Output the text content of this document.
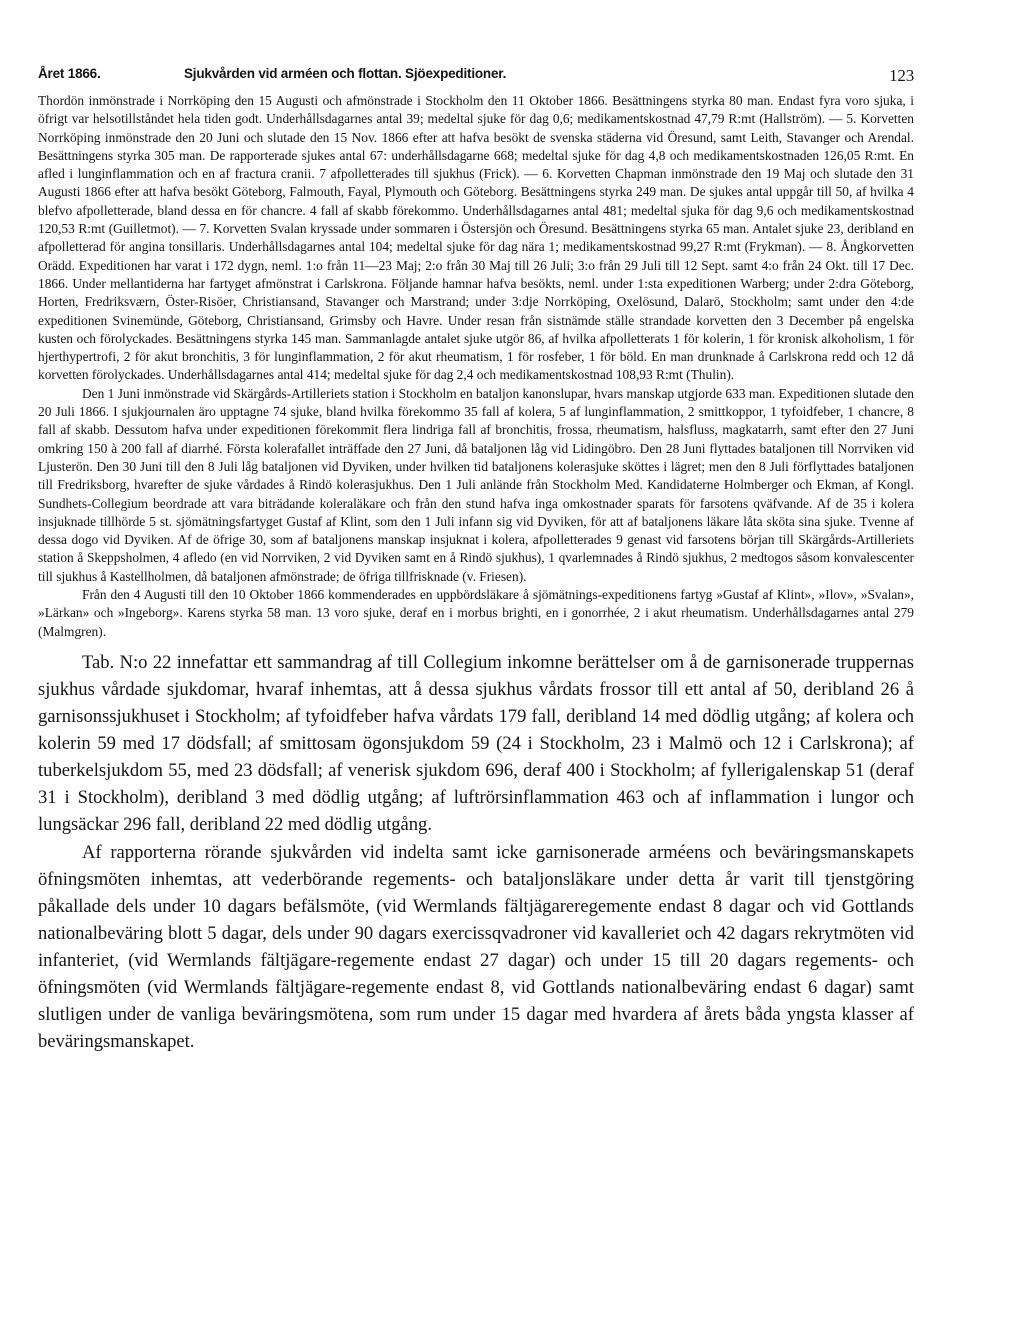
Året 1866.	Sjukvården vid arméen och flottan. Sjöexpeditioner.	123

Thordön inmönstrade i Norrköping den 15 Augusti och afmönstrade i Stockholm den 11 Oktober 1866. Besättningens styrka 80 man. Endast fyra voro sjuka, i öfrigt var helsotillståndet hela tiden godt. Underhållsdagarnes antal 39; medeltal sjuke för dag 0,6; medikamentskostnad 47,79 R:mt (Hallström). — 5. Korvetten Norrköping inmönstrade den 20 Juni och slutade den 15 Nov. 1866 efter att hafva besökt de svenska städerna vid Öresund, samt Leith, Stavanger och Arendal. Besättningens styrka 305 man. De rapporterade sjukes antal 67: underhållsdagarne 668; medeltal sjuke för dag 4,8 och medikamentskostnaden 126,05 R:mt. En afled i lunginflammation och en af fractura cranii. 7 afpolletterades till sjukhus (Frick). — 6. Korvetten Chapman inmönstrade den 19 Maj och slutade den 31 Augusti 1866 efter att hafva besökt Göteborg, Falmouth, Fayal, Plymouth och Göteborg. Besättningens styrka 249 man. De sjukes antal uppgår till 50, af hvilka 4 blefvo afpolletterade, bland dessa en för chancre. 4 fall af skabb förekommo. Underhållsdagarnes antal 481; medeltal sjuka för dag 9,6 och medikamentskostnad 120,53 R:mt (Guilletmot). — 7. Korvetten Svalan kryssade under sommaren i Östersjön och Öresund. Besättningens styrka 65 man. Antalet sjuke 23, deribland en afpolletterad för angina tonsillaris. Underhållsdagarnes antal 104; medeltal sjuke för dag nära 1; medikamentskostnad 99,27 R:mt (Frykman). — 8. Ångkorvetten Orädd. Expeditionen har varat i 172 dygn, neml. 1:o från 11—23 Maj; 2:o från 30 Maj till 26 Juli; 3:o från 29 Juli till 12 Sept. samt 4:o från 24 Okt. till 17 Dec. 1866. Under mellantiderna har fartyget afmönstrat i Carlskrona. Följande hamnar hafva besökts, neml. under 1:sta expeditionen Warberg; under 2:dra Göteborg, Horten, Fredriksværn, Öster-Risöer, Christiansand, Stavanger och Marstrand; under 3:dje Norrköping, Oxelösund, Dalarö, Stockholm; samt under den 4:de expeditionen Svinemünde, Göteborg, Christiansand, Grimsby och Havre. Under resan från sistnämde ställe strandade korvetten den 3 December på engelska kusten och förolyckades. Besättningens styrka 145 man. Sammanlagde antalet sjuke utgör 86, af hvilka afpolletterats 1 för kolerin, 1 för kronisk alkoholism, 1 för hjerthypertrofi, 2 för akut bronchitis, 3 för lunginflammation, 2 för akut rheumatism, 1 för rosfeber, 1 för böld. En man drunknade å Carlskrona redd och 12 då korvetten förolyckades. Underhållsdagarnes antal 414; medeltal sjuke för dag 2,4 och medikamentskostnad 108,93 R:mt (Thulin).

Den 1 Juni inmönstrade vid Skärgårds-Artilleriets station i Stockholm en bataljon kanonslupar, hvars manskap utgjorde 633 man. Expeditionen slutade den 20 Juli 1866. I sjukjournalen äro upptagne 74 sjuke, bland hvilka förekommo 35 fall af kolera, 5 af lunginflammation, 2 smittkoppor, 1 tyfoidfeber, 1 chancre, 8 fall af skabb. Dessutom hafva under expeditionen förekommit flera lindriga fall af bronchitis, frossa, rheumatism, halsfluss, magkatarrh, samt efter den 27 Juni omkring 150 à 200 fall af diarrhé. Första kolerafallet inträffade den 27 Juni, då bataljonen låg vid Lidingöbro. Den 28 Juni flyttades bataljonen till Norrviken vid Ljusterön. Den 30 Juni till den 8 Juli låg bataljonen vid Dyviken, under hvilken tid bataljonens kolerasjuke sköttes i lägret; men den 8 Juli förflyttades bataljonen till Fredriksborg, hvarefter de sjuke vårdades å Rindö kolerasjukhus. Den 1 Juli anlände från Stockholm Med. Kandidaterne Holmberger och Ekman, af Kongl. Sundhets-Collegium beordrade att vara biträdande koleraläkare och från den stund hafva inga omkostnader sparats för farsotens qväfvande. Af de 35 i kolera insjuknade tillhörde 5 st. sjömätningsfartyget Gustaf af Klint, som den 1 Juli infann sig vid Dyviken, för att af bataljonens läkare låta sköta sina sjuke. Tvenne af dessa dogo vid Dyviken. Af de öfrige 30, som af bataljonens manskap insjuknat i kolera, afpolletterades 9 genast vid farsotens början till Skärgårds-Artilleriets station å Skeppsholmen, 4 afledo (en vid Norrviken, 2 vid Dyviken samt en å Rindö sjukhus), 1 qvarlemnades å Rindö sjukhus, 2 medtogos såsom konvalescenter till sjukhus å Kastellholmen, då bataljonen afmönstrade; de öfriga tillfrisknade (v. Friesen).

Från den 4 Augusti till den 10 Oktober 1866 kommenderades en uppbördsläkare å sjömätnings-expeditionens fartyg »Gustaf af Klint», »Ilov», »Svalan», »Lärkan» och »Ingeborg». Karens styrka 58 man. 13 voro sjuke, deraf en i morbus brighti, en i gonorrhée, 2 i akut rheumatism. Underhållsdagarnes antal 279 (Malmgren).

Tab. N:o 22 innefattar ett sammandrag af till Collegium inkomne berättelser om å de garnisonerade truppernas sjukhus vårdade sjukdomar, hvaraf inhemtas, att å dessa sjukhus vårdats frossor till ett antal af 50, deribland 26 å garnisonssjukhuset i Stockholm; af tyfoidfeber hafva vårdats 179 fall, deribland 14 med dödlig utgång; af kolera och kolerin 59 med 17 dödsfall; af smittosam ögonsjukdom 59 (24 i Stockholm, 23 i Malmö och 12 i Carlskrona); af tuberkelsjukdom 55, med 23 dödsfall; af venerisk sjukdom 696, deraf 400 i Stockholm; af fyllerigalenskap 51 (deraf 31 i Stockholm), deribland 3 med dödlig utgång; af luftrörsinflammation 463 och af inflammation i lungor och lungsäckar 296 fall, deribland 22 med dödlig utgång.

Af rapporterna rörande sjukvården vid indelta samt icke garnisonerade arméens och beväringsmanskapets öfningsmöten inhemtas, att vederbörande regements- och bataljonsläkare under detta år varit till tjenstgöring påkallade dels under 10 dagars befälsmöte, (vid Wermlands fältjägareregemente endast 8 dagar och vid Gottlands nationalbeväring blott 5 dagar, dels under 90 dagars exercissqvadroner vid kavalleriet och 42 dagars rekrytmöten vid infanteriet, (vid Wermlands fältjägare-regemente endast 27 dagar) och under 15 till 20 dagars regements- och öfningsmöten (vid Wermlands fältjägare-regemente endast 8, vid Gottlands nationalbeväring endast 6 dagar) samt slutligen under de vanliga beväringsmötena, som rum under 15 dagar med hvardera af årets båda yngsta klasser af beväringsmanskapet.
